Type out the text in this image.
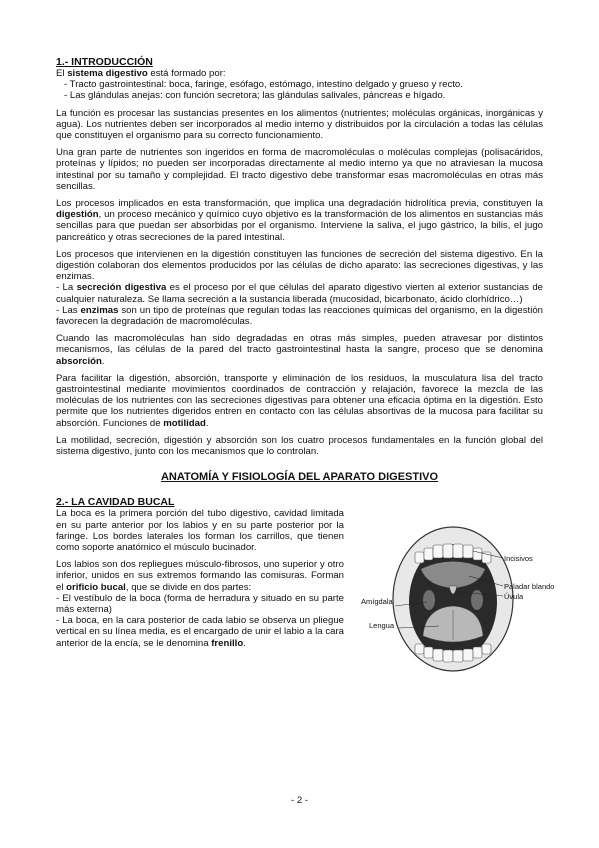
1.- INTRODUCCIÓN

El sistema digestivo está formado por:

- Tracto gastrointestinal: boca, faringe, esófago, estómago, intestino delgado y grueso y recto.
- Las glándulas anejas: con función secretora; las glándulas salivales, páncreas e hígado.

La función es procesar las sustancias presentes en los alimentos (nutrientes; moléculas orgánicas, inorgánicas y agua). Los nutrientes deben ser incorporados al medio interno y distribuidos por la circulación a todas las células que constituyen el organismo para su correcto funcionamiento.

Una gran parte de nutrientes son ingeridos en forma de macromoléculas o moléculas complejas (polisacáridos, proteínas y lípidos; no pueden ser incorporadas directamente al medio interno ya que no atraviesan la mucosa intestinal por su tamaño y complejidad. El tracto digestivo debe transformar esas macromoléculas en otras más sencillas.

Los procesos implicados en esta transformación, que implica una degradación hidrolítica previa, constituyen la digestión, un proceso mecánico y químico cuyo objetivo es la transformación de los alimentos en sustancias más sencillas para que puedan ser absorbidas por el organismo. Interviene la saliva, el jugo gástrico, la bilis, el jugo pancreático y otras secreciones de la pared intestinal.

Los procesos que intervienen en la digestión constituyen las funciones de secreción del sistema digestivo. En la digestión colaboran dos elementos producidos por las células de dicho aparato: las secreciones digestivas, y las enzimas.

- La secreción digestiva es el proceso por el que células del aparato digestivo vierten al exterior sustancias de cualquier naturaleza. Se llama secreción a la sustancia liberada (mucosidad, bicarbonato, ácido clorhídrico…)

- Las enzimas son un tipo de proteínas que regulan todas las reacciones químicas del organismo, en la digestión favorecen la degradación de macromoléculas.

Cuando las macromoléculas han sido degradadas en otras más simples, pueden atravesar por distintos mecanismos, las células de la pared del tracto gastrointestinal hasta la sangre, proceso que se denomina absorción.

Para facilitar la digestión, absorción, transporte y eliminación de los residuos, la musculatura lisa del tracto gastrointestinal mediante movimientos coordinados de contracción y relajación, favorece la mezcla de las moléculas de los nutrientes con las secreciones digestivas para obtener una eficacia óptima en la digestión. Esto permite que los nutrientes digeridos entren en contacto con las células absortivas de la mucosa para facilitar su absorción. Funciones de motilidad.

La motilidad, secreción, digestión y absorción son los cuatro procesos fundamentales en la función global del sistema digestivo, junto con los mecanismos que lo controlan.

ANATOMÍA Y FISIOLOGÍA DEL APARATO DIGESTIVO

2.- LA CAVIDAD BUCAL

La boca es la primera porción del tubo digestivo, cavidad limitada en su parte anterior por los labios y en su parte posterior por la faringe. Los bordes laterales los forman los carrillos, que tienen como soporte anatómico el músculo bucinador.

Los labios son dos repliegues músculo-fibrosos, uno superior y otro inferior, unidos en sus extremos formando las comisuras. Forman el orificio bucal, que se divide en dos partes:

- El vestíbulo de la boca (forma de herradura y situado en su parte más externa)

- La boca, en la cara posterior de cada labio se observa un pliegue vertical en su línea media, es el encargado de unir el labio a la cara anterior de la encía, se le denomina frenillo.

Incisivos
Paladar blando
Úvula
Amígdala
Lengua
- 2 -
